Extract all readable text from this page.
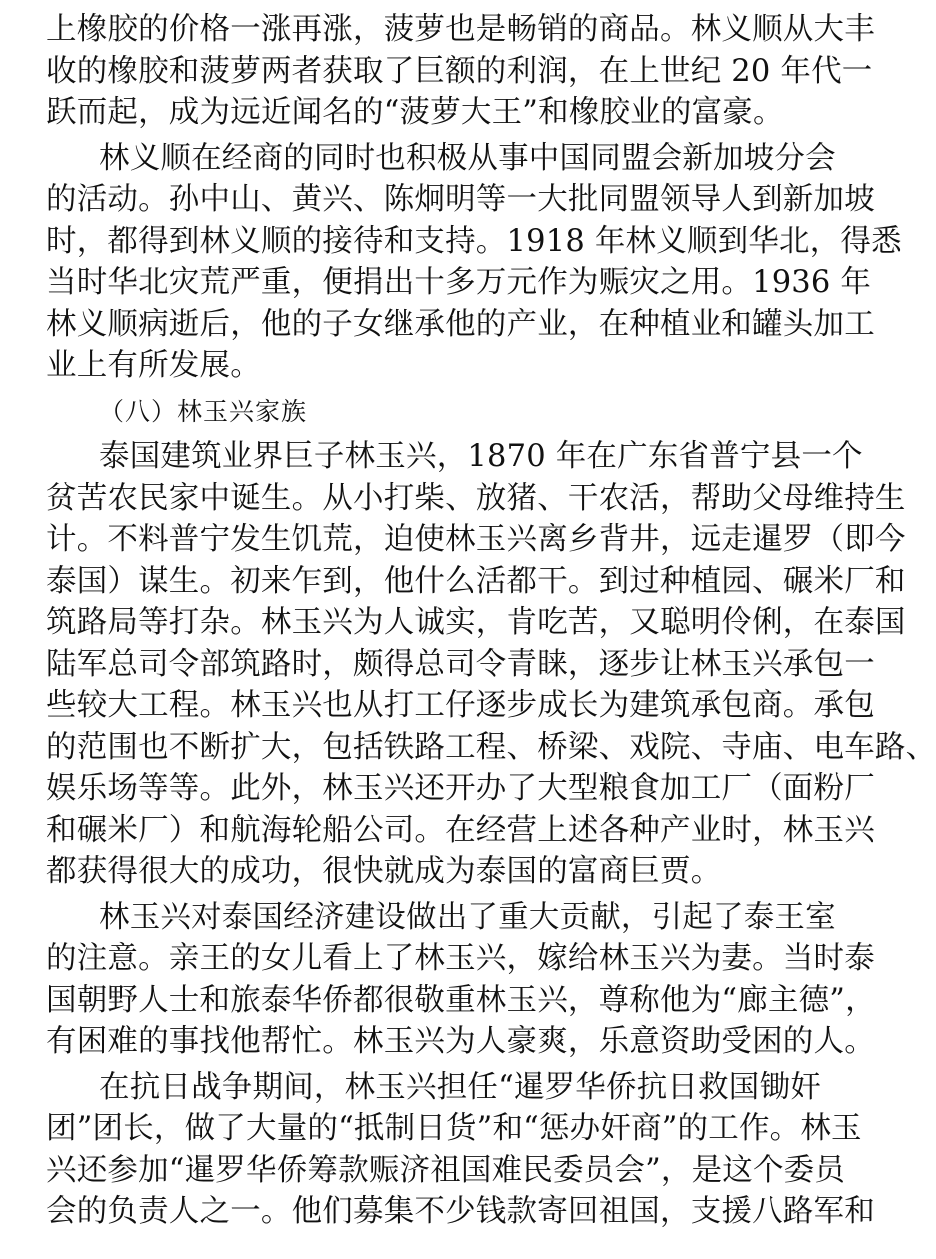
上橡胶的价格一涨再涨，菠萝也是畅销的商品。林义顺从大丰
收的橡胶和菠萝两者获取了巨额的利润，在上世纪 20 年代一
跃而起，成为远近闻名的“菠萝大王”和橡胶业的富豪。
林义顺在经商的同时也积极从事中国同盟会新加坡分会
的活动。孙中山、黄兴、陈炯明等一大批同盟领导人到新加坡
时，都得到林义顺的接待和支持。1918 年林义顺到华北，得悉
当时华北灾荒严重，便捐出十多万元作为赈灾之用。1936 年
林义顺病逝后，他的子女继承他的产业，在种植业和罐头加工
业上有所发展。
（八）林玉兴家族
泰国建筑业界巨子林玉兴，1870 年在广东省普宁县一个
贫苦农民家中诞生。从小打柴、放猪、干农活，帮助父母维持生
计。不料普宁发生饥荒，迫使林玉兴离乡背井，远走暹罗（即今
泰国）谋生。初来乍到，他什么活都干。到过种植园、碾米厂和
筑路局等打杂。林玉兴为人诚实，肯吃苦，又聪明伶俐，在泰国
陆军总司令部筑路时，颇得总司令青睐，逐步让林玉兴承包一
些较大工程。林玉兴也从打工仔逐步成长为建筑承包商。承包
的范围也不断扩大，包括铁路工程、桥梁、戏院、寺庙、电车路、
娱乐场等等。此外，林玉兴还开办了大型粮食加工厂（面粉厂
和碾米厂）和航海轮船公司。在经营上述各种产业时，林玉兴
都获得很大的成功，很快就成为泰国的富商巨贾。
林玉兴对泰国经济建设做出了重大贡献，引起了泰王室
的注意。亲王的女儿看上了林玉兴，嫁给林玉兴为妻。当时泰
国朝野人士和旅泰华侨都很敬重林玉兴，尊称他为“廊主德”，
有困难的事找他帮忙。林玉兴为人豪爽，乐意资助受困的人。
在抗日战争期间，林玉兴担任“暹罗华侨抗日救国锄奸
团”团长，做了大量的“抵制日货”和“惩办奸商”的工作。林玉
兴还参加“暹罗华侨筹款赈济祖国难民委员会”，是这个委员
会的负责人之一。他们募集不少钱款寄回祖国，支援八路军和
